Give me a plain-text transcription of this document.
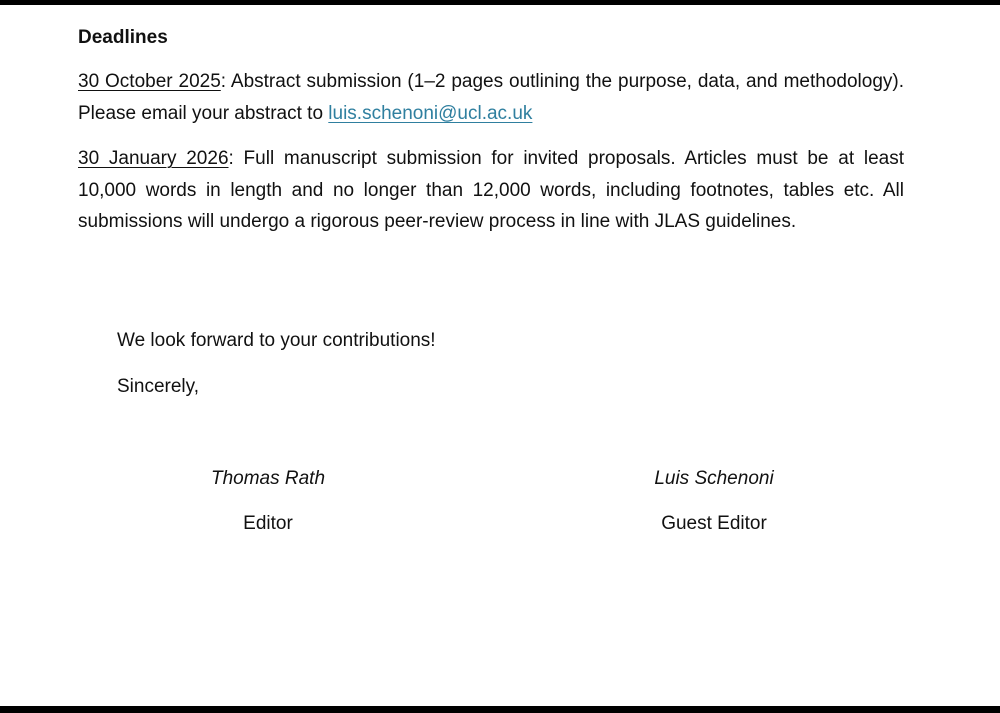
Deadlines

30 October 2025: Abstract submission (1–2 pages outlining the purpose, data, and methodology). Please email your abstract to luis.schenoni@ucl.ac.uk

30 January 2026: Full manuscript submission for invited proposals. Articles must be at least 10,000 words in length and no longer than 12,000 words, including footnotes, tables etc. All submissions will undergo a rigorous peer-review process in line with JLAS guidelines.

We look forward to your contributions!

Sincerely,

Thomas Rath
Editor
Luis Schenoni
Guest Editor
